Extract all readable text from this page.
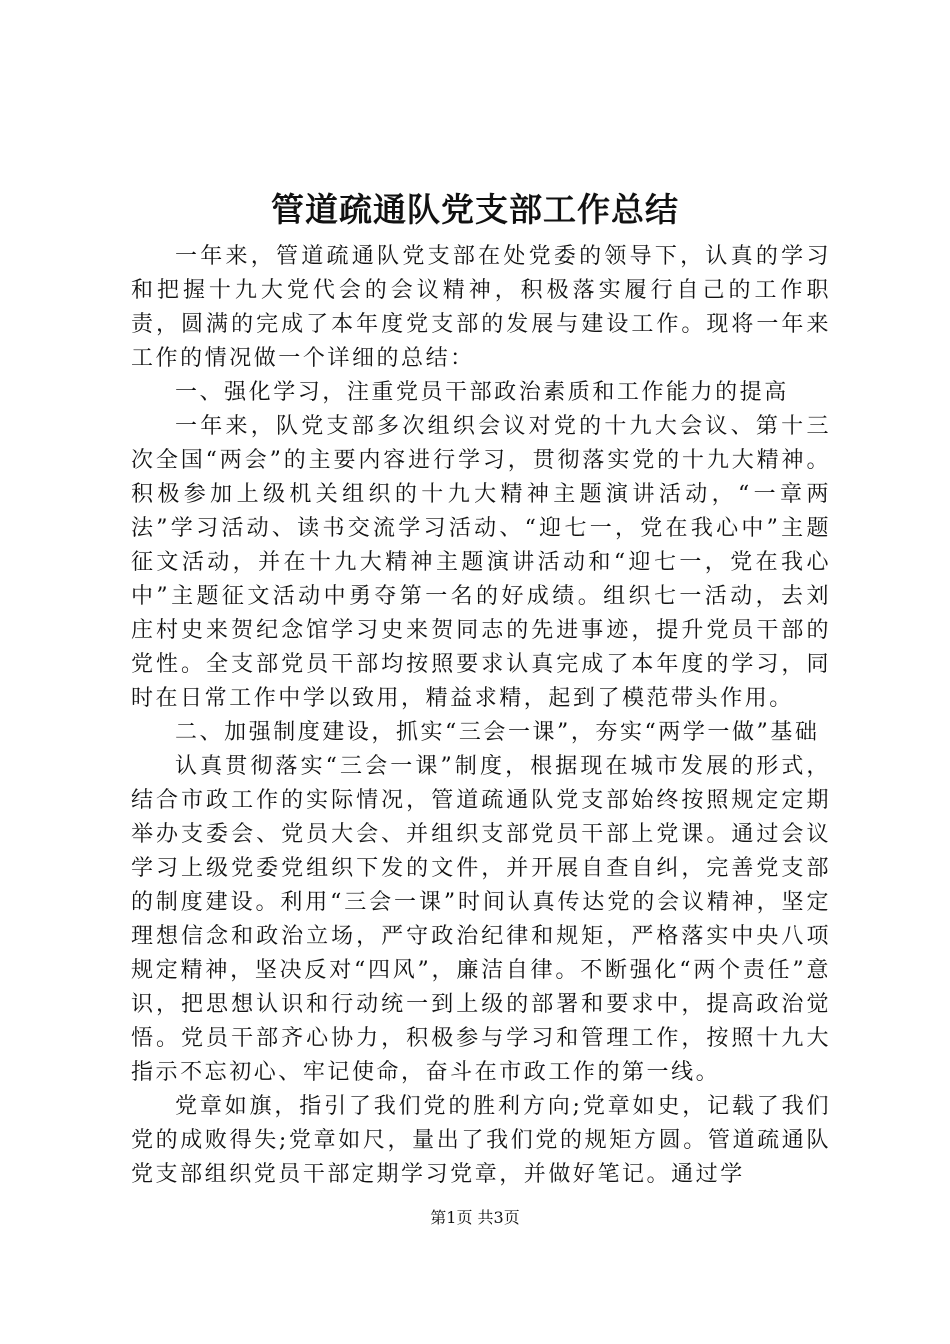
管道疏通队党支部工作总结

一年来，管道疏通队党支部在处党委的领导下，认真的学习和把握十九大党代会的会议精神，积极落实履行自己的工作职责，圆满的完成了本年度党支部的发展与建设工作。现将一年来工作的情况做一个详细的总结：

一、强化学习，注重党员干部政治素质和工作能力的提高

一年来，队党支部多次组织会议对党的十九大会议、第十三次全国“两会”的主要内容进行学习，贯彻落实党的十九大精神。积极参加上级机关组织的十九大精神主题演讲活动，“一章两法”学习活动、读书交流学习活动、“迎七一，党在我心中”主题征文活动，并在十九大精神主题演讲活动和“迎七一，党在我心中”主题征文活动中勇夺第一名的好成绩。组织七一活动，去刘庄村史来贺纪念馆学习史来贺同志的先进事迹，提升党员干部的党性。全支部党员干部均按照要求认真完成了本年度的学习，同时在日常工作中学以致用，精益求精，起到了模范带头作用。

二、加强制度建设，抓实“三会一课”，夯实“两学一做”基础

认真贯彻落实“三会一课”制度，根据现在城市发展的形式，结合市政工作的实际情况，管道疏通队党支部始终按照规定定期举办支委会、党员大会、并组织支部党员干部上党课。通过会议学习上级党委党组织下发的文件，并开展自查自纠，完善党支部的制度建设。利用“三会一课”时间认真传达党的会议精神，坚定理想信念和政治立场，严守政治纪律和规矩，严格落实中央八项规定精神，坚决反对“四风”，廉洁自律。不断强化“两个责任”意识，把思想认识和行动统一到上级的部署和要求中，提高政治觉悟。党员干部齐心协力，积极参与学习和管理工作，按照十九大指示不忘初心、牢记使命，奋斗在市政工作的第一线。

党章如旗，指引了我们党的胜利方向;党章如史，记载了我们党的成败得失;党章如尺，量出了我们党的规矩方圆。管道疏通队党支部组织党员干部定期学习党章，并做好笔记。通过学

第1页 共3页
